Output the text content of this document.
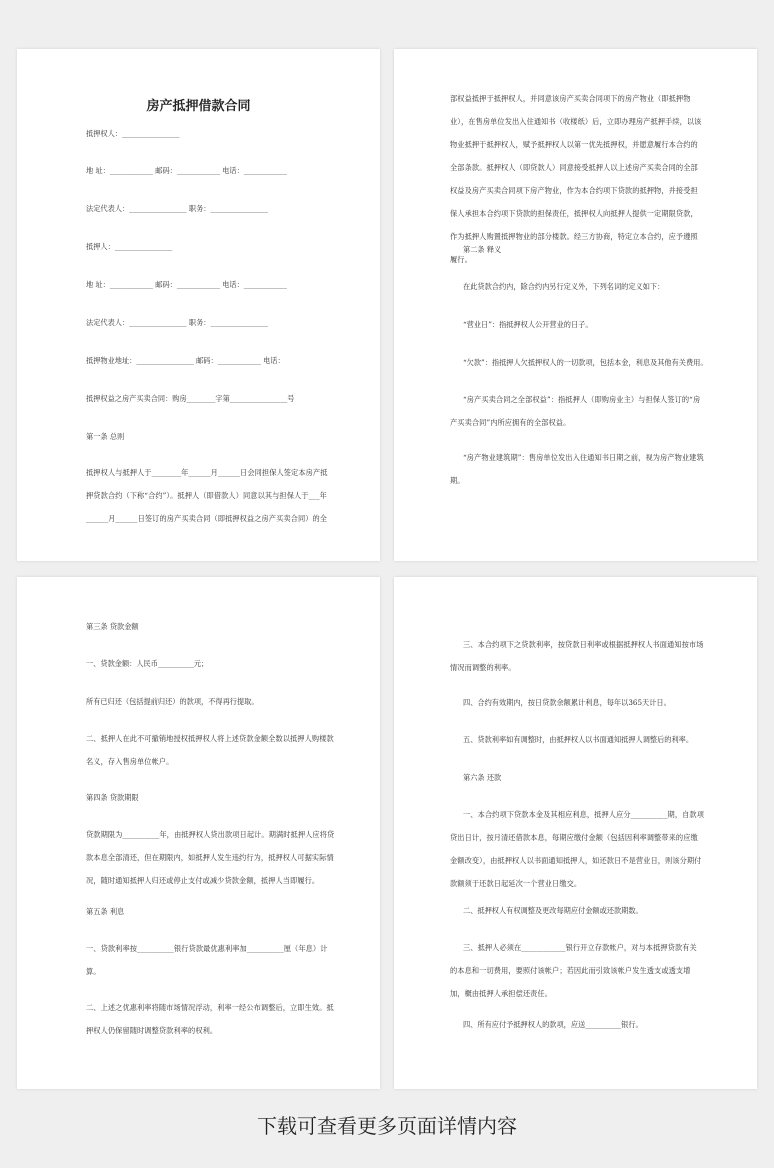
房产抵押借款合同
抵押权人：________________
地 址：____________ 邮码：____________ 电话：____________
法定代表人：________________ 职务：________________
抵押人：________________
地 址：____________ 邮码：____________ 电话：____________
法定代表人：________________ 职务：________________
抵押物业地址：________________ 邮码：____________ 电话：
抵押权益之房产买卖合同：购房________字第________________号
第一条 总则
抵押权人与抵押人于________年______月______日会同担保人签定本房产抵押贷款合约（下称“合约”）。抵押人（即借款人）同意以其与担保人于___年______月______日签订的房产买卖合同（即抵押权益之房产买卖合同）的全
部权益抵押于抵押权人，并同意该房产买卖合同项下的房产物业（即抵押物业），在售房单位发出入住通知书（收楼纸）后，立即办理房产抵押手续，以该物业抵押于抵押权人，赋予抵押权人以第一优先抵押权，并愿意履行本合约的全部条款。抵押权人（即贷款人）同意接受抵押人以上述房产买卖合同的全部权益及房产买卖合同项下房产物业，作为本合约项下贷款的抵押物，并接受担保人承担本合约项下贷款的担保责任，抵押权人向抵押人提供一定期限贷款，作为抵押人购置抵押物业的部分楼款。经三方协商，特定立本合约，应予遵照履行。
第二条 释义
在此贷款合约内，除合约内另行定义外，下列名词的定义如下：
“营业日”：指抵押权人公开营业的日子。
“欠款”：指抵押人欠抵押权人的一切款项，包括本金，利息及其他有关费用。
“房产买卖合同之全部权益”：指抵押人（即购房业主）与担保人签订的“房产买卖合同”内所应拥有的全部权益。
“房产物业建筑期”：售房单位发出入住通知书日期之前，视为房产物业建筑期。
第三条 贷款金额
一、贷款金额：人民币__________元；
所有已归还（包括提前归还）的款项，不得再行提取。
二、抵押人在此不可撤销地授权抵押权人将上述贷款金额全数以抵押人购楼款名义，存入售房单位帐户。
第四条 贷款期限
贷款期限为__________年，由抵押权人贷出款项日起计。期满时抵押人应将贷款本息全部清还，但在期限内，如抵押人发生违约行为，抵押权人可据实际情况，随时通知抵押人归还或停止支付或减少贷款金额，抵押人当即履行。
第五条 利息
一、贷款利率按__________银行贷款最优惠利率加__________厘（年息）计算。
二、上述之优惠利率将随市场情况浮动，利率一经公布调整后，立即生效。抵押权人仍保留随时调整贷款利率的权利。
三、本合约项下之贷款利率，按贷款日利率或根据抵押权人书面通知按市场情况而调整的利率。
四、合约有效期内，按日贷款余额累计利息，每年以365天计日。
五、贷款利率如有调整时，由抵押权人以书面通知抵押人调整后的利率。
第六条 还款
一、本合约项下贷款本金及其相应利息，抵押人应分__________期，自款项贷出日计，按月清还借款本息，每期应缴付金额（包括因利率调整带来的应缴金额改变），由抵押权人以书面通知抵押人，如还款日不是营业日，则该分期付款额须于还款日起延次一个营业日缴交。
二、抵押权人有权调整及更改每期应付金额或还款期数。
三、抵押人必须在____________银行开立存款帐户，对与本抵押贷款有关的本息和一切费用，要照付该帐户；若因此而引致该帐户发生透支或透支增加，概由抵押人承担偿还责任。
四、所有应付予抵押权人的款项，应送__________银行。
下载可查看更多页面详情内容
